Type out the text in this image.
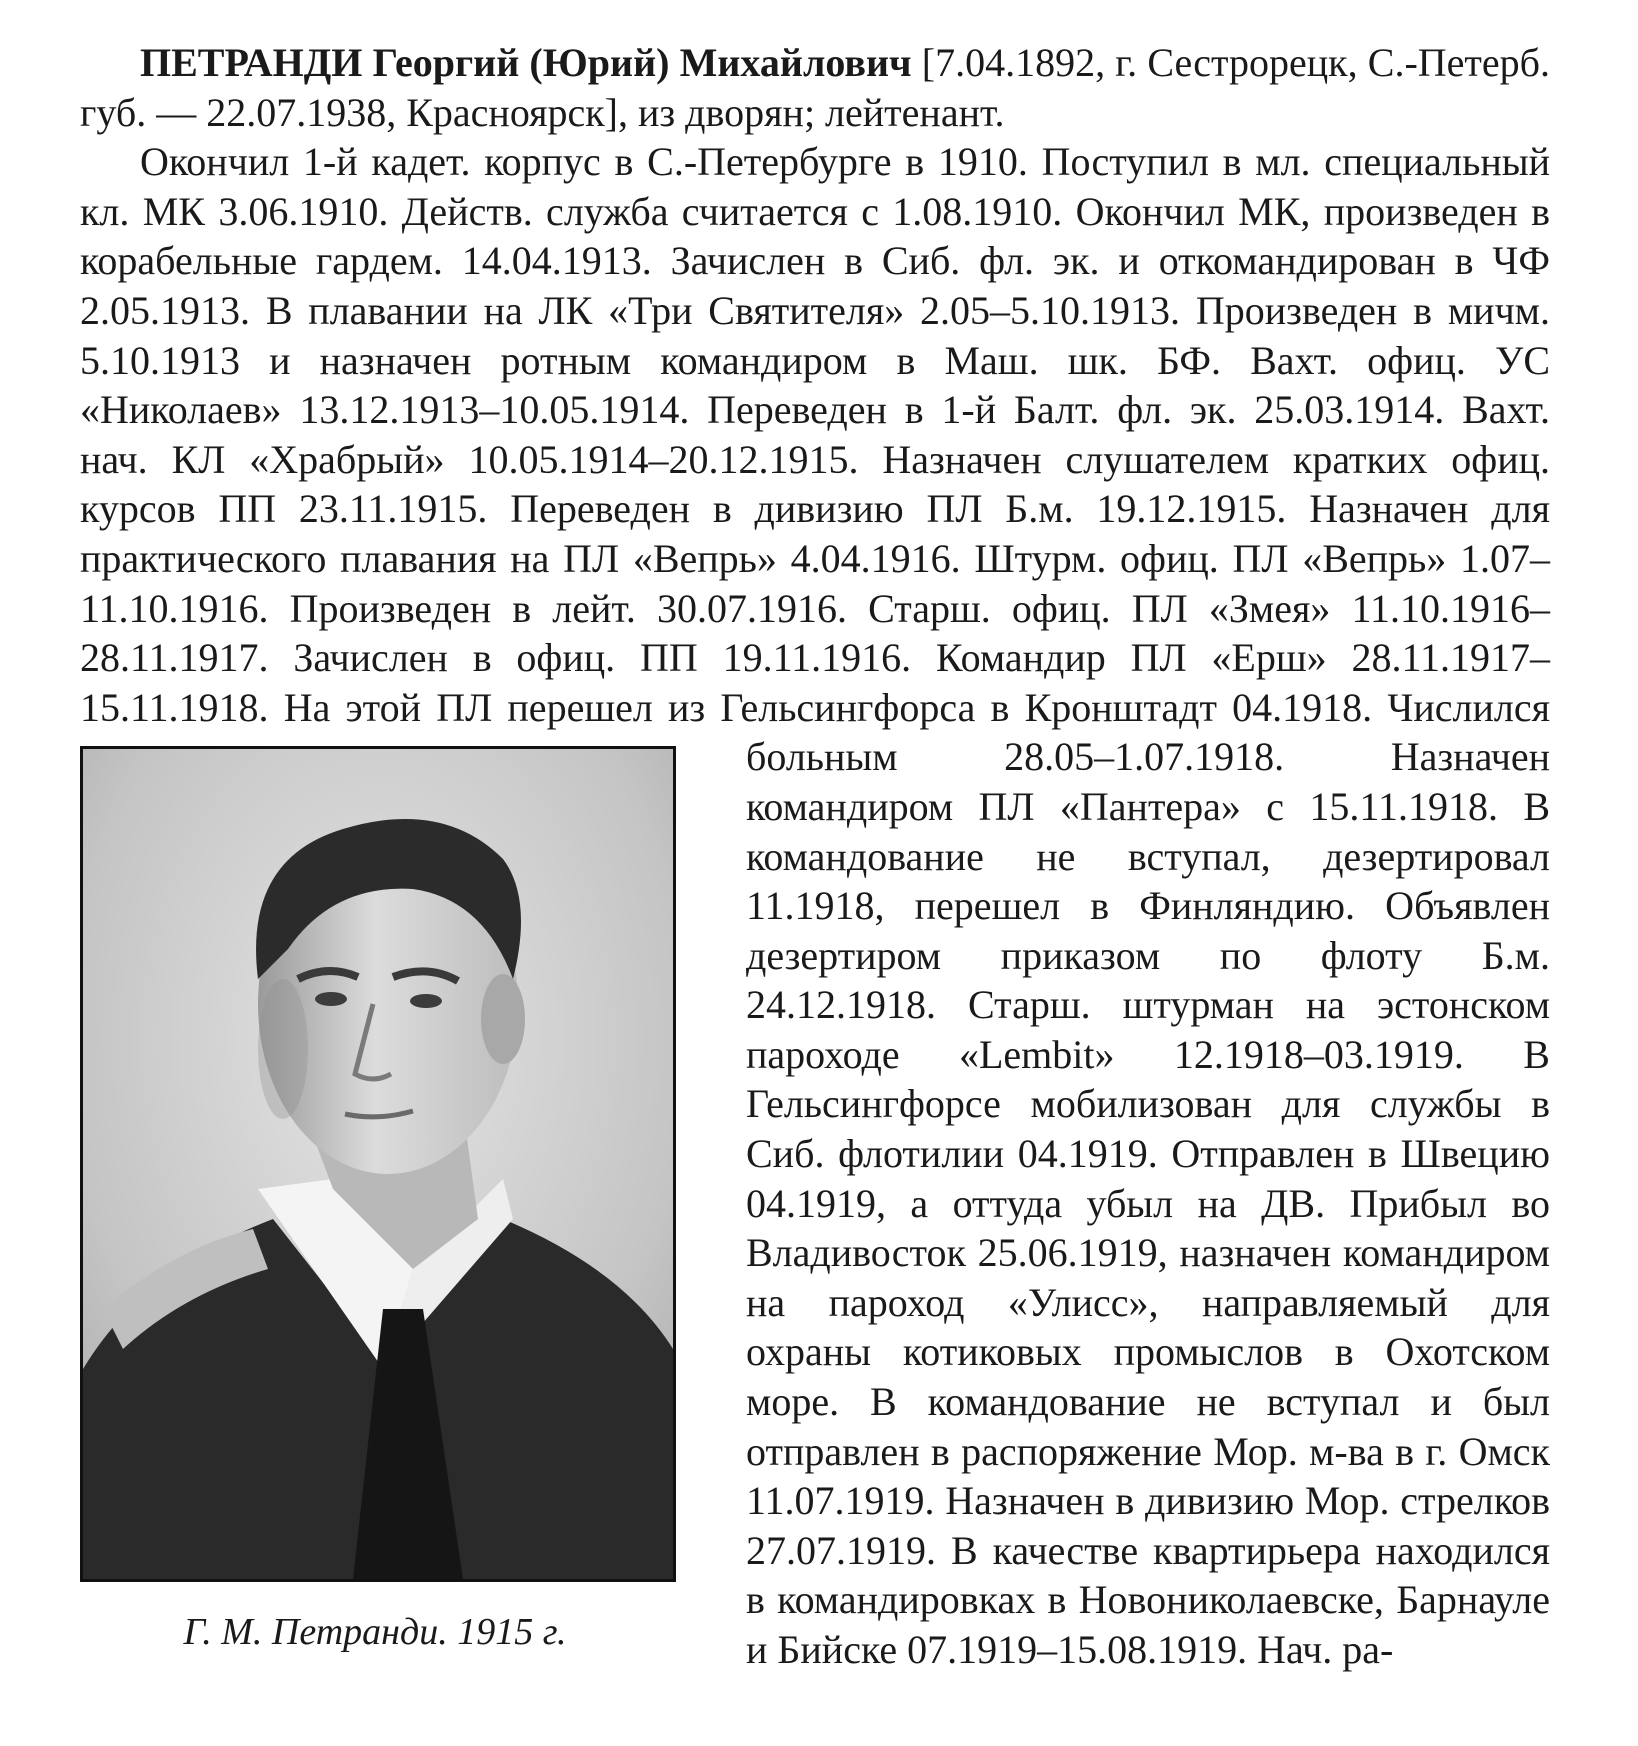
ПЕТРАНДИ Георгий (Юрий) Михайлович [7.04.1892, г. Сестрорецк, С.-Петерб. губ. — 22.07.1938, Красноярск], из дворян; лейтенант.

Окончил 1-й кадет. корпус в С.-Петербурге в 1910. Поступил в мл. специальный кл. МК 3.06.1910. Действ. служба считается с 1.08.1910. Окончил МК, произведен в корабельные гардем. 14.04.1913. Зачислен в Сиб. фл. эк. и откомандирован в ЧФ 2.05.1913. В плавании на ЛК «Три Святителя» 2.05–5.10.1913. Произведен в мичм. 5.10.1913 и назначен ротным командиром в Маш. шк. БФ. Вахт. офиц. УС «Николаев» 13.12.1913–10.05.1914. Переведен в 1-й Балт. фл. эк. 25.03.1914. Вахт. нач. КЛ «Храбрый» 10.05.1914–20.12.1915. Назначен слушателем кратких офиц. курсов ПП 23.11.1915. Переведен в дивизию ПЛ Б.м. 19.12.1915. Назначен для практического плавания на ПЛ «Вепрь» 4.04.1916. Штурм. офиц. ПЛ «Вепрь» 1.07–11.10.1916. Произведен в лейт. 30.07.1916. Старш. офиц. ПЛ «Змея» 11.10.1916–28.11.1917. Зачислен в офиц. ПП 19.11.1916. Командир ПЛ «Ерш» 28.11.1917–15.11.1918. На этой ПЛ перешел из Гельсингфорса в
Г. М. Петранди. 1915 г.
Кронштадт 04.1918. Числился больным 28.05–1.07.1918. Назначен командиром ПЛ «Пантера» с 15.11.1918. В командование не вступал, дезертировал 11.1918, перешел в Финляндию. Объявлен дезертиром приказом по флоту Б.м. 24.12.1918. Старш. штурман на эстонском пароходе «Lembit» 12.1918–03.1919. В Гельсингфорсе мобилизован для службы в Сиб. флотилии 04.1919. Отправлен в Швецию 04.1919, а оттуда убыл на ДВ. Прибыл во Владивосток 25.06.1919, назначен командиром на пароход «Улисс», направляемый для охраны котиковых промыслов в Охотском море. В командование не вступал и был отправлен в распоряжение Мор. м-ва в г. Омск 11.07.1919. Назначен в дивизию Мор. стрелков 27.07.1919. В качестве квартирьера находился в командировках в Новониколаевске, Барнауле и Бийске 07.1919–15.08.1919. Нач. ра-
